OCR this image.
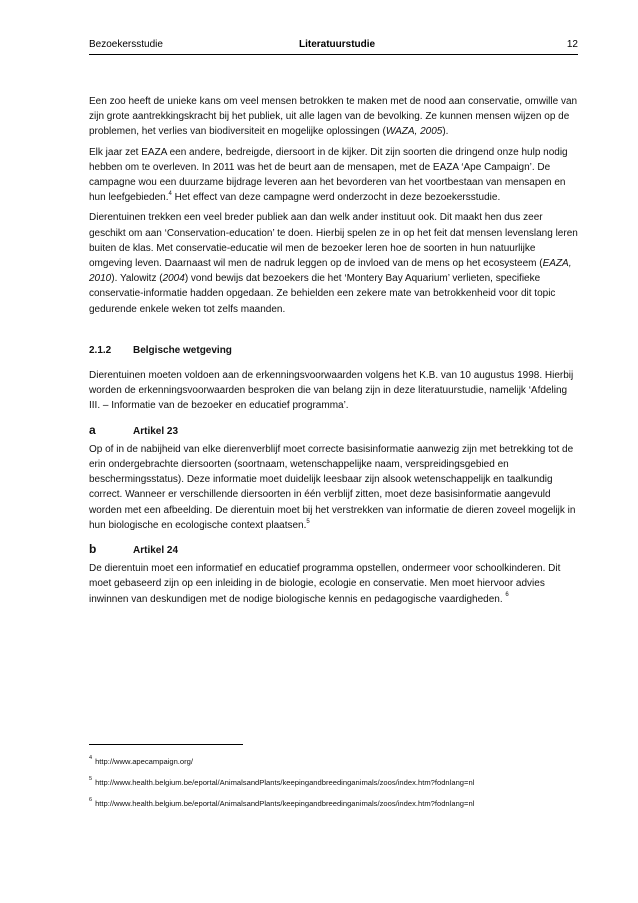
Bezoekersstudie	Literatuurstudie	12

Een zoo heeft de unieke kans om veel mensen betrokken te maken met de nood aan conservatie, omwille van zijn grote aantrekkingskracht bij het publiek, uit alle lagen van de bevolking. Ze kunnen mensen wijzen op de problemen, het verlies van biodiversiteit en mogelijke oplossingen (WAZA, 2005).

Elk jaar zet EAZA een andere, bedreigde, diersoort in de kijker. Dit zijn soorten die dringend onze hulp nodig hebben om te overleven. In 2011 was het de beurt aan de mensapen, met de EAZA ‘Ape Campaign’. De campagne wou een duurzame bijdrage leveren aan het bevorderen van het voortbestaan van mensapen en hun leefgebieden.$^4$ Het effect van deze campagne werd onderzocht in deze bezoekersstudie.

Dierentuinen trekken een veel breder publiek aan dan welk ander instituut ook. Dit maakt hen dus zeer geschikt om aan ‘Conservation-education’ te doen. Hierbij spelen ze in op het feit dat mensen levenslang leren buiten de klas. Met conservatie-educatie wil men de bezoeker leren hoe de soorten in hun natuurlijke omgeving leven. Daarnaast wil men de nadruk leggen op de invloed van de mens op het ecosysteem (EAZA, 2010). Yalowitz (2004) vond bewijs dat bezoekers die het ‘Montery Bay Aquarium’ verlieten, specifieke conservatie-informatie hadden opgedaan. Ze behielden een zekere mate van betrokkenheid voor dit topic gedurende enkele weken tot zelfs maanden.

2.1.2 Belgische wetgeving

Dierentuinen moeten voldoen aan de erkenningsvoorwaarden volgens het K.B. van 10 augustus 1998. Hierbij worden de erkenningsvoorwaarden besproken die van belang zijn in deze literatuurstudie, namelijk ‘Afdeling III. – Informatie van de bezoeker en educatief programma’.

a	Artikel 23

Op of in de nabijheid van elke dierenverblijf moet correcte basisinformatie aanwezig zijn met betrekking tot de erin ondergebrachte diersoorten (soortnaam, wetenschappelijke naam, verspreidingsgebied en beschermingsstatus). Deze informatie moet duidelijk leesbaar zijn alsook wetenschappelijk en taalkundig correct. Wanneer er verschillende diersoorten in één verblijf zitten, moet deze basisinformatie aangevuld worden met een afbeelding. De dierentuin moet bij het verstrekken van informatie de dieren zoveel mogelijk in hun biologische en ecologische context plaatsen.$^5$

b	Artikel 24

De dierentuin moet een informatief en educatief programma opstellen, ondermeer voor schoolkinderen. Dit moet gebaseerd zijn op een inleiding in de biologie, ecologie en conservatie. Men moet hiervoor advies inwinnen van deskundigen met de nodige biologische kennis en pedagogische vaardigheden. $^6$

$^4$ http://www.apecampaign.org/
$^5$ http://www.health.belgium.be/eportal/AnimalsandPlants/keepingandbreedinganimals/zoos/index.htm?fodnlang=nl
$^6$ http://www.health.belgium.be/eportal/AnimalsandPlants/keepingandbreedinganimals/zoos/index.htm?fodnlang=nl
